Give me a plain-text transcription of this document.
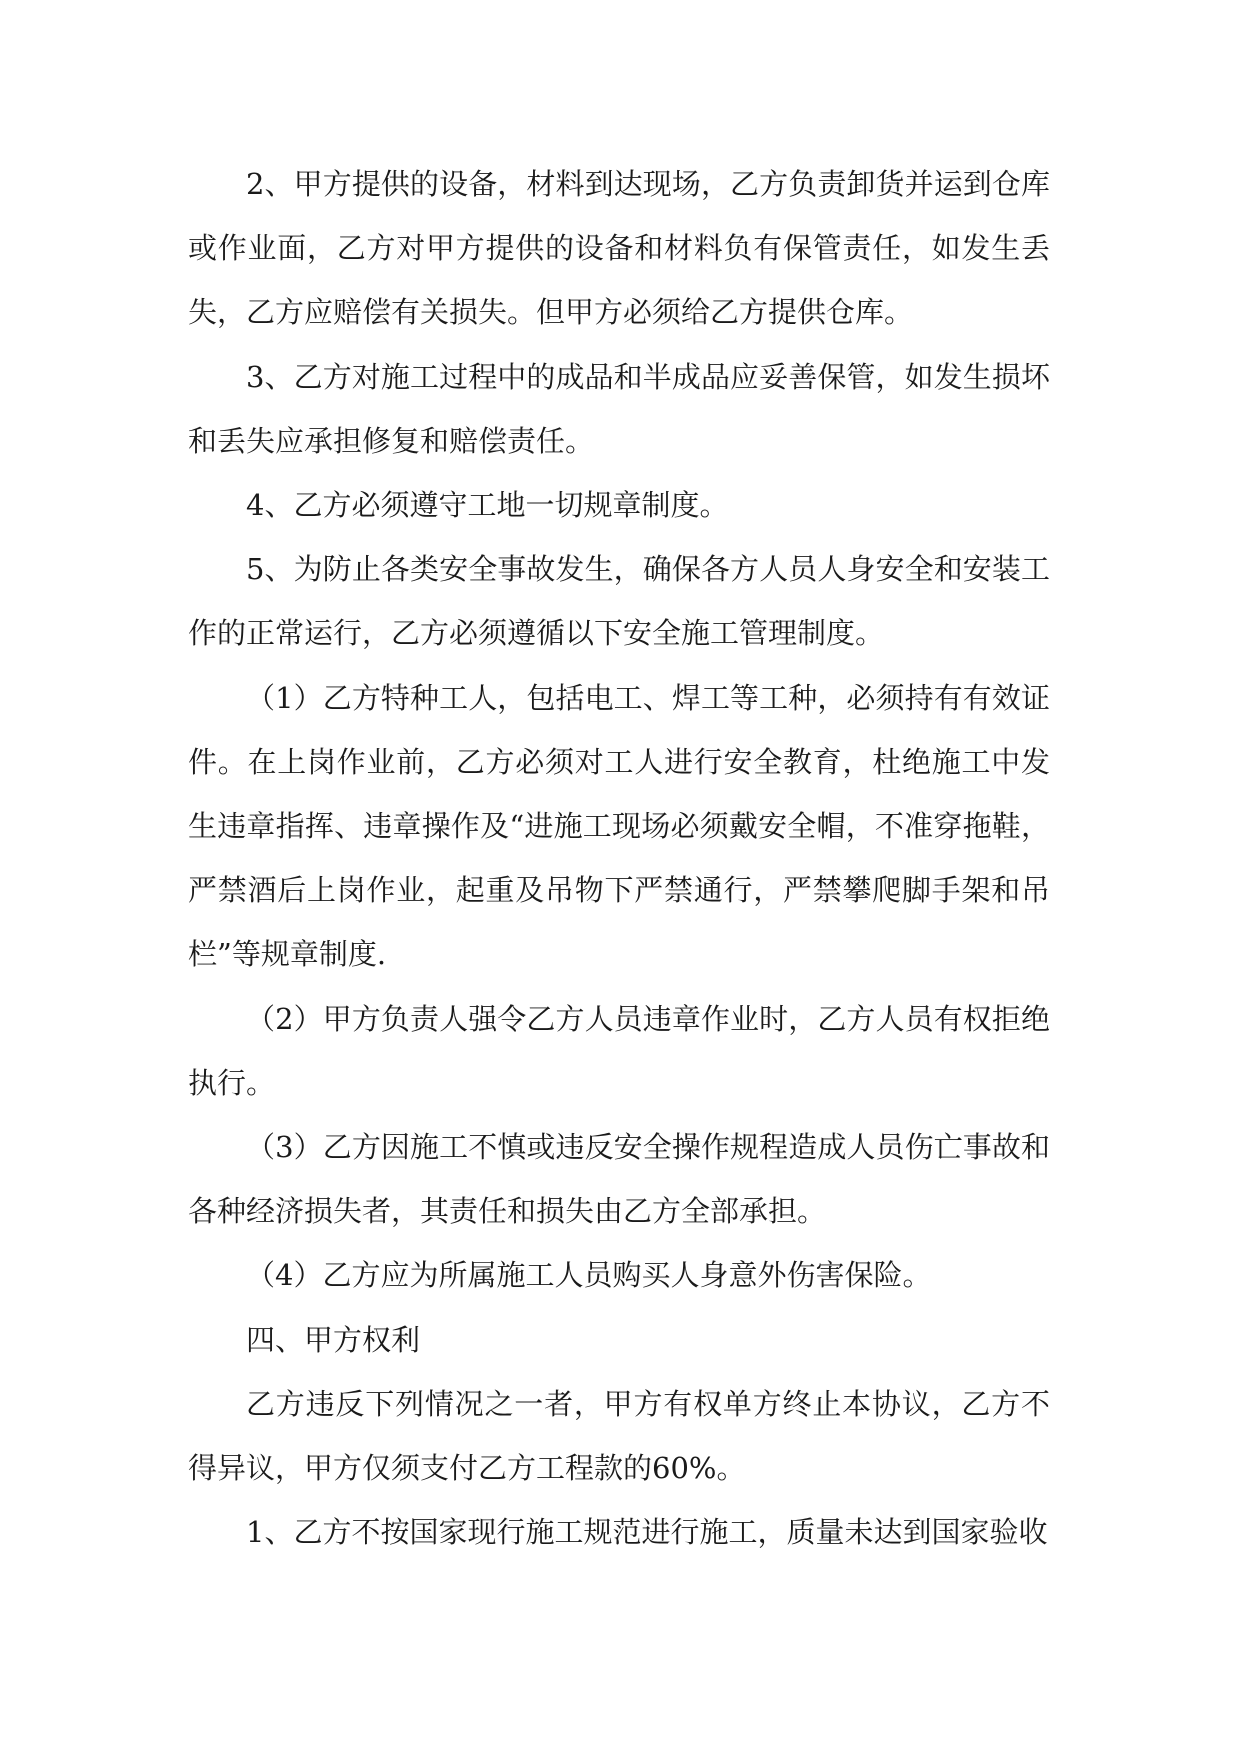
2、甲方提供的设备，材料到达现场，乙方负责卸货并运到仓库或作业面，乙方对甲方提供的设备和材料负有保管责任，如发生丢失，乙方应赔偿有关损失。但甲方必须给乙方提供仓库。

3、乙方对施工过程中的成品和半成品应妥善保管，如发生损坏和丢失应承担修复和赔偿责任。

4、乙方必须遵守工地一切规章制度。

5、为防止各类安全事故发生，确保各方人员人身安全和安装工作的正常运行，乙方必须遵循以下安全施工管理制度。

（1）乙方特种工人，包括电工、焊工等工种，必须持有有效证件。在上岗作业前，乙方必须对工人进行安全教育，杜绝施工中发生违章指挥、违章操作及“进施工现场必须戴安全帽，不准穿拖鞋，严禁酒后上岗作业，起重及吊物下严禁通行，严禁攀爬脚手架和吊栏”等规章制度.

（2）甲方负责人强令乙方人员违章作业时，乙方人员有权拒绝执行。

（3）乙方因施工不慎或违反安全操作规程造成人员伤亡事故和各种经济损失者，其责任和损失由乙方全部承担。

（4）乙方应为所属施工人员购买人身意外伤害保险。

四、甲方权利

乙方违反下列情况之一者，甲方有权单方终止本协议，乙方不得异议，甲方仅须支付乙方工程款的60%。

1、乙方不按国家现行施工规范进行施工，质量未达到国家验收
